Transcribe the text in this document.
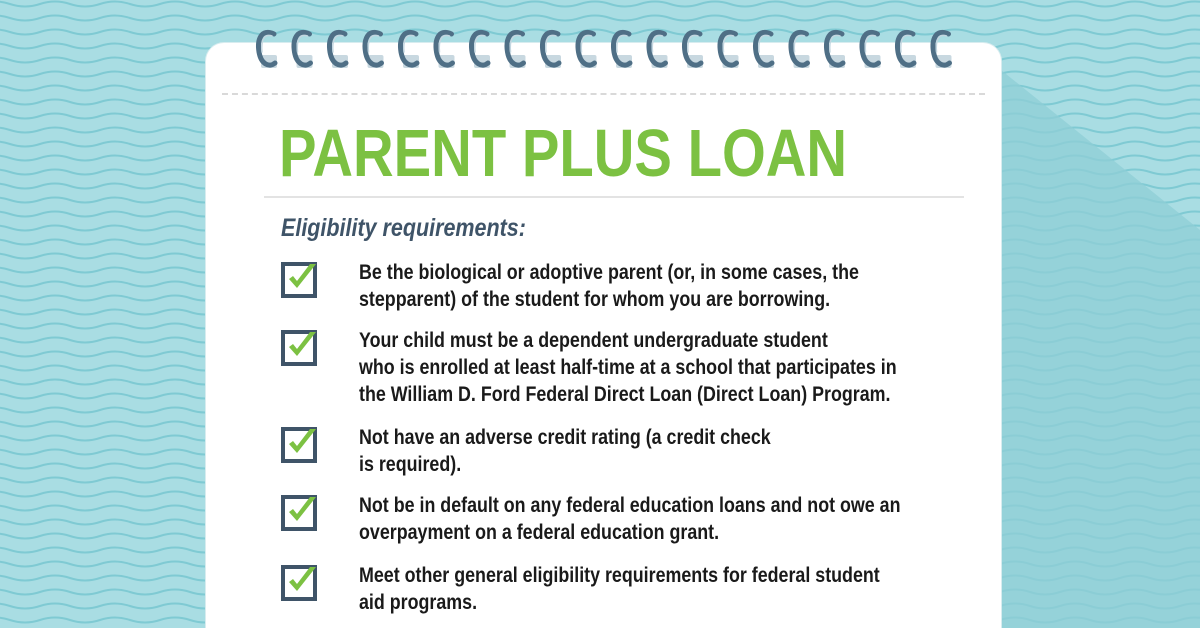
PARENT PLUS LOAN
Eligibility requirements:

Be the biological or adoptive parent (or, in some cases, the
stepparent) of the student for whom you are borrowing.

Your child must be a dependent undergraduate student
who is enrolled at least half-time at a school that participates in
the William D. Ford Federal Direct Loan (Direct Loan) Program.

Not have an adverse credit rating (a credit check
is required).

Not be in default on any federal education loans and not owe an
overpayment on a federal education grant.

Meet other general eligibility requirements for federal student
aid programs.
